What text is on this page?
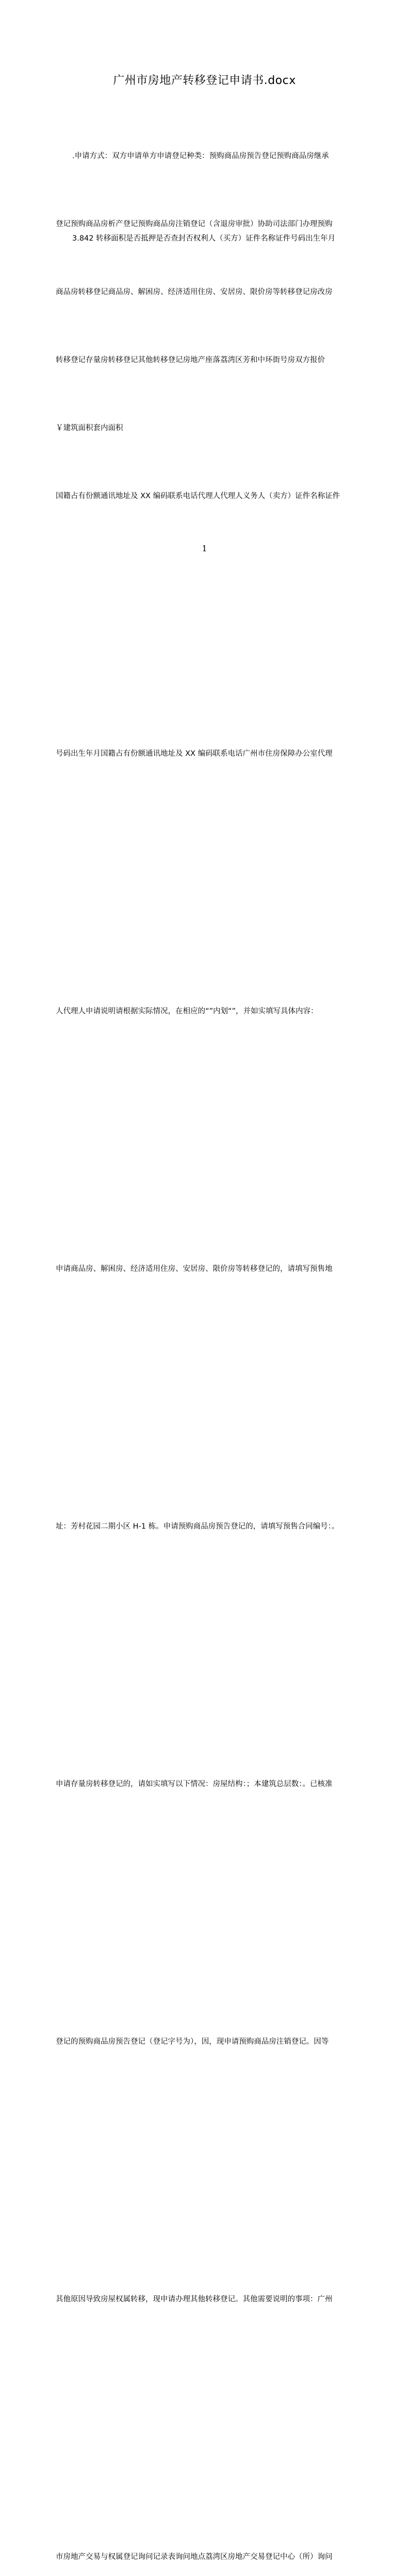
广州市房地产转移登记申请书.docx
.申请方式：双方申请单方申请登记种类：预购商品房预告登记预购商品房继承
登记预购商品房析产登记预购商品房注销登记（含退房审批）协助司法部门办理预购
商品房转移登记商品房、解困房、经济适用住房、安居房、限价房等转移登记房改房
转移登记存量房转移登记其他转移登记房地产座落荔湾区芳和中环街号房双方报价
￥建筑面积套内面积
3.842 转移面积是否抵押是否查封否权利人（买方）证件名称证件号码出生年月
国籍占有份额通讯地址及 XX 编码联系电话代理人代理人义务人（卖方）证件名称证件
号码出生年月国籍占有份额通讯地址及 XX 编码联系电话广州市住房保障办公室代理
人代理人申请说明请根据实际情况，在相应的“”内划“”，并如实填写具体内容：
申请商品房、解困房、经济适用住房、安居房、限价房等转移登记的，请填写预售地
址：芳村花园二期小区 H-1 栋。申请预购商品房预告登记的，请填写预售合同编号：。
申请存量房转移登记的，请如实填写以下情况：房屋结构：；本建筑总层数：。已核准
登记的预购商品房预告登记（登记字号为），因，现申请预购商品房注销登记。因等
其他原因导致房屋权属转移，现申请办理其他转移登记。其他需要说明的事项：广州
市房地产交易与权属登记询问记录表询问地点荔湾区房地产交易登记中心（所）询问
1
